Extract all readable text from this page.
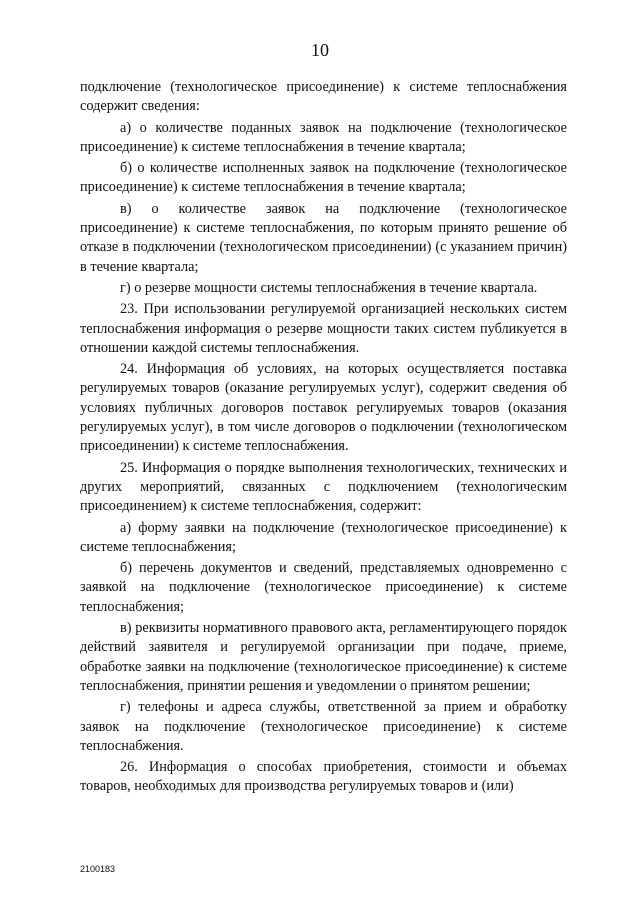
10

подключение (технологическое присоединение) к системе теплоснабжения содержит сведения:

а) о количестве поданных заявок на подключение (технологическое присоединение) к системе теплоснабжения в течение квартала;

б) о количестве исполненных заявок на подключение (технологическое присоединение) к системе теплоснабжения в течение квартала;

в) о количестве заявок на подключение (технологическое присоединение) к системе теплоснабжения, по которым принято решение об отказе в подключении (технологическом присоединении) (с указанием причин) в течение квартала;

г) о резерве мощности системы теплоснабжения в течение квартала.

23. При использовании регулируемой организацией нескольких систем теплоснабжения информация о резерве мощности таких систем публикуется в отношении каждой системы теплоснабжения.

24. Информация об условиях, на которых осуществляется поставка регулируемых товаров (оказание регулируемых услуг), содержит сведения об условиях публичных договоров поставок регулируемых товаров (оказания регулируемых услуг), в том числе договоров о подключении (технологическом присоединении) к системе теплоснабжения.

25. Информация о порядке выполнения технологических, технических и других мероприятий, связанных с подключением (технологическим присоединением) к системе теплоснабжения, содержит:

а) форму заявки на подключение (технологическое присоединение) к системе теплоснабжения;

б) перечень документов и сведений, представляемых одновременно с заявкой на подключение (технологическое присоединение) к системе теплоснабжения;

в) реквизиты нормативного правового акта, регламентирующего порядок действий заявителя и регулируемой организации при подаче, приеме, обработке заявки на подключение (технологическое присоединение) к системе теплоснабжения, принятии решения и уведомлении о принятом решении;

г) телефоны и адреса службы, ответственной за прием и обработку заявок на подключение (технологическое присоединение) к системе теплоснабжения.

26. Информация о способах приобретения, стоимости и объемах товаров, необходимых для производства регулируемых товаров и (или)

2100183
